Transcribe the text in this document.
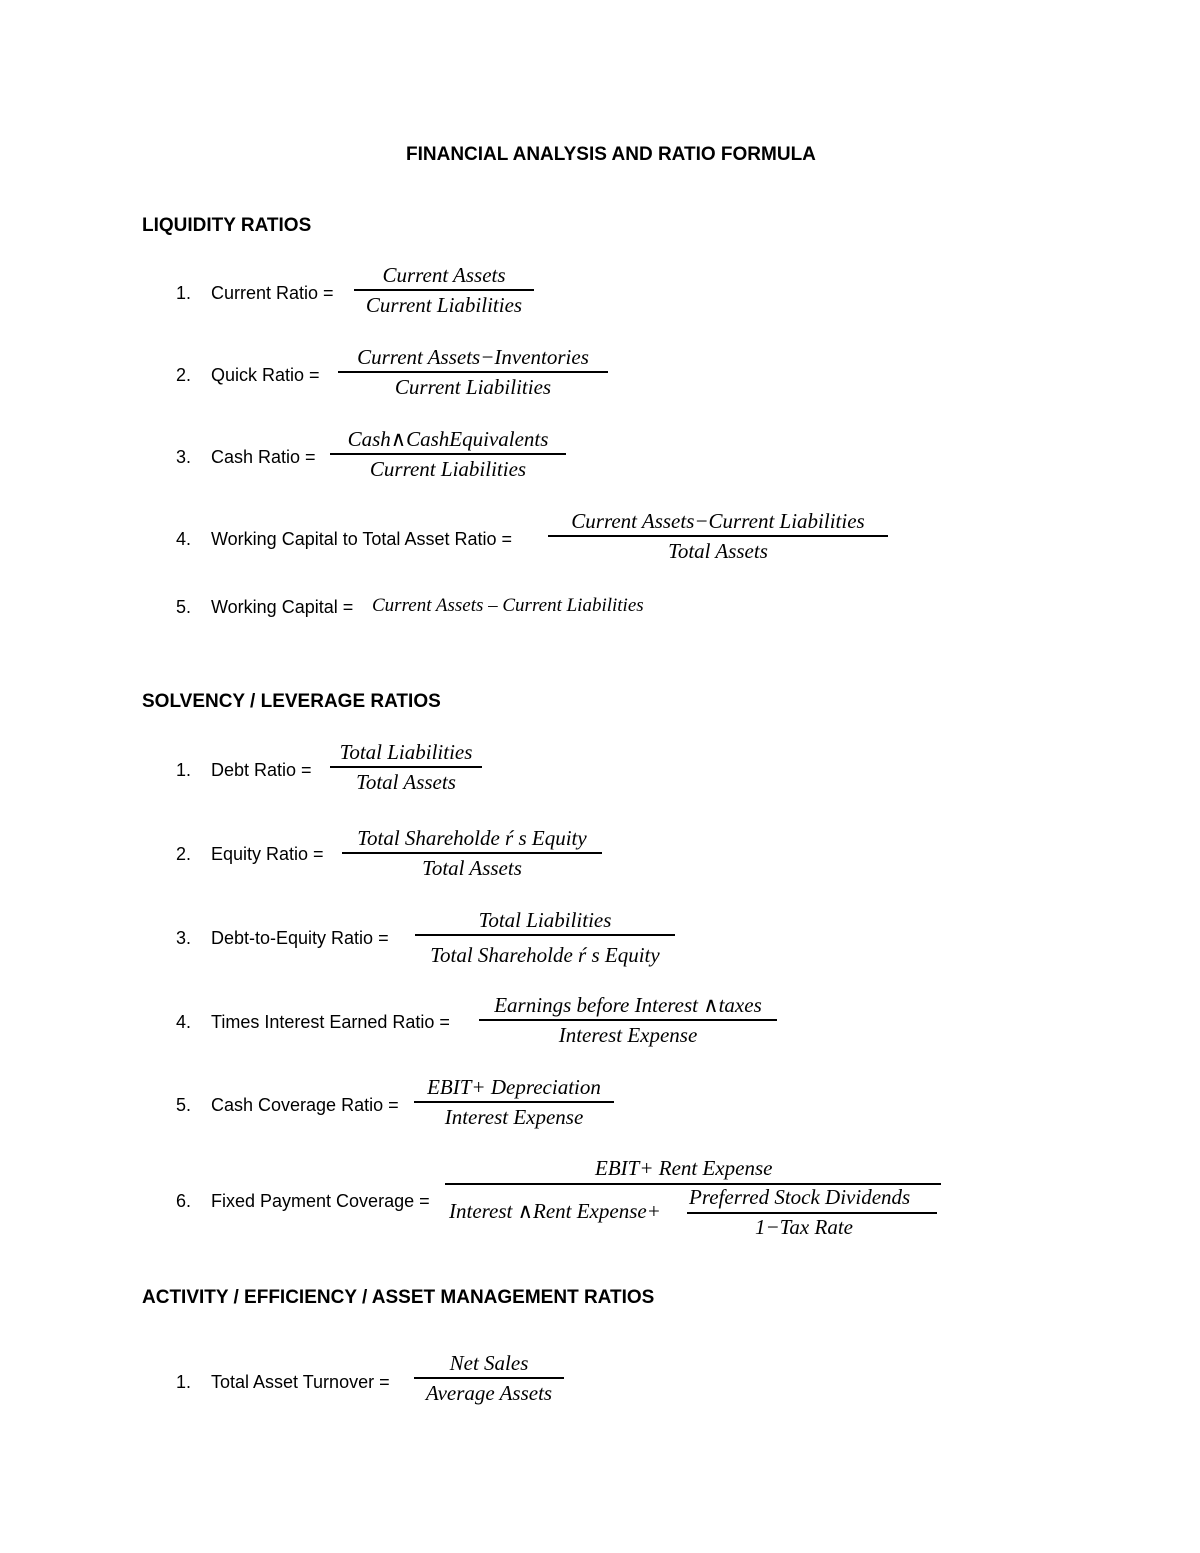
FINANCIAL ANALYSIS AND RATIO FORMULA
LIQUIDITY RATIOS
1. Current Ratio =
Current Assets
Current Liabilities
2. Quick Ratio =
Current Assets−Inventories
Current Liabilities
3. Cash Ratio =
Cash∧CashEquivalents
Current Liabilities
4. Working Capital to Total Asset Ratio =
Current Assets−Current Liabilities
Total Assets
5. Working Capital = Current Assets – Current Liabilities
SOLVENCY / LEVERAGE RATIOS
1. Debt Ratio =
Total Liabilities
Total Assets
2. Equity Ratio =
Total Shareholde ŕ s Equity
Total Assets
3. Debt-to-Equity Ratio =
Total Liabilities
Total Shareholde ŕ s Equity
4. Times Interest Earned Ratio =
Earnings before Interest ∧taxes
Interest Expense
5. Cash Coverage Ratio =
EBIT+ Depreciation
Interest Expense
6. Fixed Payment Coverage =
EBIT+ Rent Expense
Interest ∧Rent Expense+
Preferred Stock Dividends
1−Tax Rate
ACTIVITY / EFFICIENCY / ASSET MANAGEMENT RATIOS
1. Total Asset Turnover =
Net Sales
Average Assets
